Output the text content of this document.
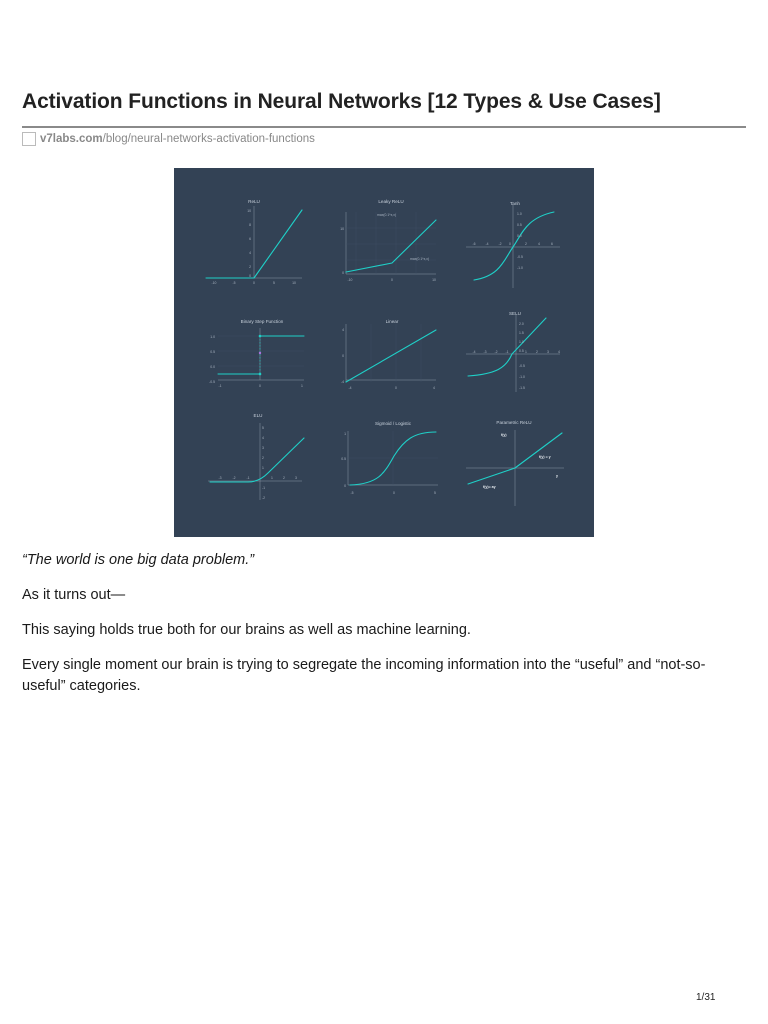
Activation Functions in Neural Networks [12 Types & Use Cases]
v7labs.com /blog/neural-networks-activation-functions
ReLU	Leaky ReLU	Tanh
Binary Step Function	Linear
SELU
ELU
Sigmoid / Logistic	Parametric ReLU
10
8
6
4
2
0
-10	-5	0	5	10
10
0
-10	0	10
max(0.1*x,x)
max(0.1*x,x)
1.0
0.5
0.0
-0.5
-1.0
-6	-4	-2 0	2	4	6
1.0
0.5
0.0
-0.5
-1	0	1
4
0
-4
-4	0	4
2.0
1.5
1.0
0.5
-0.5
-1.0
-1.5
-4 -3 -2 -1	1	2	3	4
5
4
3
2
1
-1
-2
-3	-2	-1	1	2	3
1
0.5
0
-5	0	5
f(y)
f(y) = y
y
f(y)= ay

“The world is one big data problem.”

As it turns out—

This saying holds true both for our brains as well as machine learning.

Every single moment our brain is trying to segregate the incoming information into the “useful” and “not-so-useful” categories.

1/31
